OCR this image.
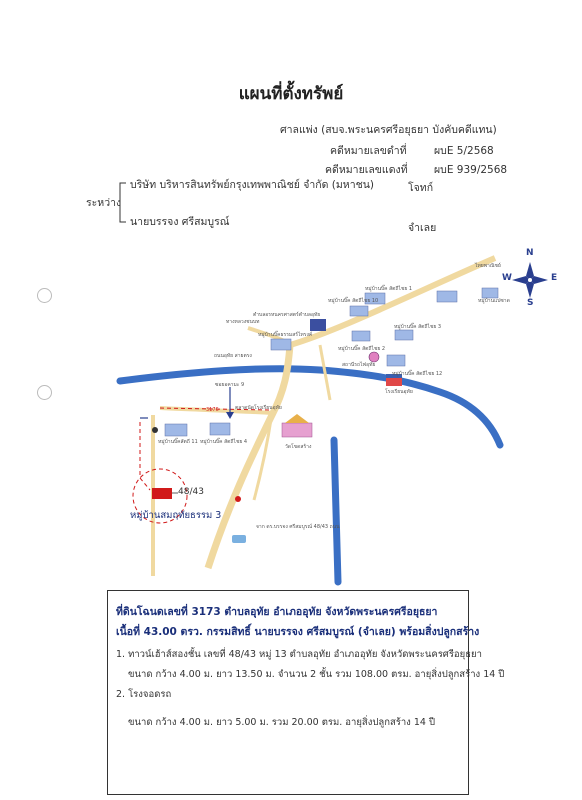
แผนที่ตั้งทรัพย์
ศาลแพ่ง (สบจ.พระนครศรีอยุธยา บังคับคดีแทน)
คดีหมายเลขดำที่	ผบE 5/2568
คดีหมายเลขแดงที่	ผบE 939/2568
ระหว่าง
บริษัท บริหารสินทรัพย์กรุงเทพพาณิชย์ จำกัด (มหาชน)	โจทก์
นายบรรจง ศรีสมบูรณ์	จำเลย
N
S
W	E
48/43
หมู่บ้านสมฤทัยธรรม 3
หมู่บ้านบิ๊ค สัตถีไชย 1
หมู่บ้านแปซาด
หมู่บ้านบิ๊ค สัตถีไชย 10
หมู่บ้านบิ๊ค สัตถีไชย 3
หมู่บ้านบิ๊คธรรมสร์ไทรงค์
หมู่บ้านบิ๊ค สัตถีไชย 2
หมู่บ้านบิ๊ค สัตถีไชย 12
โรงเรียนอุทัย
วัดโขดสร้าง
ตำบลอรหนครศาสตร์ตำบลอุทัย
สถานีรถไฟอุทัย
หมู่บ้านบิ๊คสัตถี 11 หมู่บ้านบิ๊ค สัตถีไชย 4
ตลาดนัดโรงเรียนอุทัย
ซอยอคามะ 9
ทางหลวงชนบท
ถนนอุทัย สายตรง
ไทยพาณิชย์
จาก ดร.บรรจง ศรีสมบูรณ์ 48/43 ถนน
3176
ที่ดินโฉนดเลขที่ 3173 ตำบลอุทัย อำเภออุทัย จังหวัดพระนครศรีอยุธยา
เนื้อที่ 43.00 ตรว. กรรมสิทธิ์ นายบรรจง ศรีสมบูรณ์ (จำเลย) พร้อมสิ่งปลูกสร้าง
1. ทาวน์เฮ้าส์สองชั้น เลขที่ 48/43 หมู่ 13 ตำบลอุทัย อำเภออุทัย จังหวัดพระนครศรีอยุธยา
ขนาด กว้าง 4.00 ม. ยาว 13.50 ม. จำนวน 2 ชั้น รวม 108.00 ตรม. อายุสิ่งปลูกสร้าง 14 ปี
2. โรงจอดรถ
ขนาด กว้าง 4.00 ม. ยาว 5.00 ม. รวม 20.00 ตรม. อายุสิ่งปลูกสร้าง 14 ปี
